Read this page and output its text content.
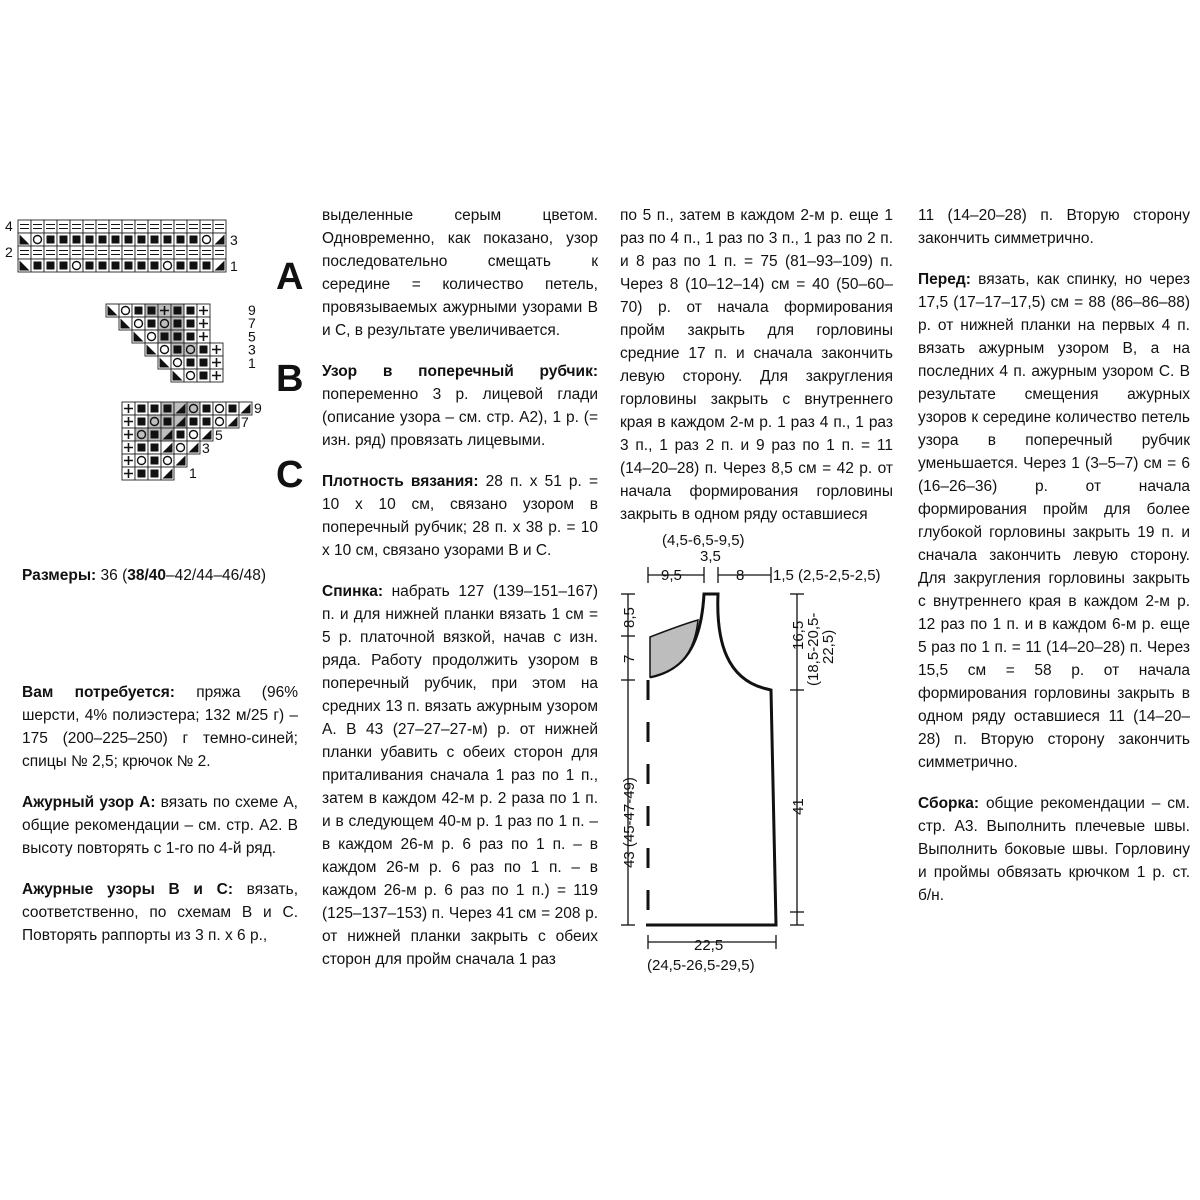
4
3
2
1
9
7
5
3
1
9
7
5
3
1
A
B
C

Размеры: 36 (38/40–42/44–46/48)

Вам потребуется: пряжа (96% шерсти, 4% полиэстера; 132 м/25 г) – 175 (200–225–250) г темно-синей; спицы № 2,5; крючок № 2.

Ажурный узор А: вязать по схеме А, общие рекомендации – см. стр. А2. В высоту повторять с 1-го по 4-й ряд.

Ажурные узоры В и С: вязать, соответственно, по схемам В и С. Повторять раппорты из 3 п. х 6 р.,

выделенные серым цветом. Одновременно, как показано, узор последовательно смещать к середине = количество петель, провязываемых ажурными узорами В и С, в результате увеличивается.

Узор в поперечный рубчик: попеременно 3 р. лицевой глади (описание узора – см. стр. А2), 1 р. (= изн. ряд) провязать лицевыми.

Плотность вязания: 28 п. х 51 р. = 10 х 10 см, связано узором в поперечный рубчик; 28 п. х 38 р. = 10 х 10 см, связано узорами В и С.

Спинка: набрать 127 (139–151–167) п. и для нижней планки вязать 1 см = 5 р. платочной вязкой, начав с изн. ряда. Работу продолжить узором в поперечный рубчик, при этом на средних 13 п. вязать ажурным узором А. В 43 (27–27–27-м) р. от нижней планки убавить с обеих сторон для приталивания сначала 1 раз по 1 п., затем в каждом 42-м р. 2 раза по 1 п. и в следующем 40-м р. 1 раз по 1 п. – в каждом 26-м р. 6 раз по 1 п. – в каждом 26-м р. 6 раз по 1 п. – в каждом 26-м р. 6 раз по 1 п.) = 119 (125–137–153) п. Через 41 см = 208 р. от нижней планки закрыть с обеих сторон для пройм сначала 1 раз

по 5 п., затем в каждом 2-м р. еще 1 раз по 4 п., 1 раз по 3 п., 1 раз по 2 п. и 8 раз по 1 п. = 75 (81–93–109) п. Через 8 (10–12–14) см = 40 (50–60–70) р. от начала формирования пройм закрыть для горловины средние 17 п. и сначала закончить левую сторону. Для закругления горловины закрыть с внутреннего края в каждом 2-м р. 1 раз 4 п., 1 раз 3 п., 1 раз 2 п. и 9 раз по 1 п. = 11 (14–20–28) п. Через 8,5 см = 42 р. от начала формирования горловины закрыть в одном ряду оставшиеся

(4,5-6,5-9,5)
3,5
9,5	8 1,5 (2,5-2,5-2,5)
8,5
7
43 (45-47-49)
16,5
(18,5-20,5-
22,5)
41
22,5
(24,5-26,5-29,5)

11 (14–20–28) п. Вторую сторону закончить симметрично.

Перед: вязать, как спинку, но через 17,5 (17–17–17,5) см = 88 (86–86–88) р. от нижней планки на первых 4 п. вязать ажурным узором В, а на последних 4 п. ажурным узором С. В результате смещения ажурных узоров к середине количество петель узора в поперечный рубчик уменьшается. Через 1 (3–5–7) см = 6 (16–26–36) р. от начала формирования пройм для более глубокой горловины закрыть 19 п. и сначала закончить левую сторону. Для закругления горловины закрыть с внутреннего края в каждом 2-м р. 12 раз по 1 п. и в каждом 6-м р. еще 5 раз по 1 п. = 11 (14–20–28) п. Через 15,5 см = 58 р. от начала формирования горловины закрыть в одном ряду оставшиеся 11 (14–20–28) п. Вторую сторону закончить симметрично.

Сборка: общие рекомендации – см. стр. А3. Выполнить плечевые швы. Выполнить боковые швы. Горловину и проймы обвязать крючком 1 р. ст. б/н.
